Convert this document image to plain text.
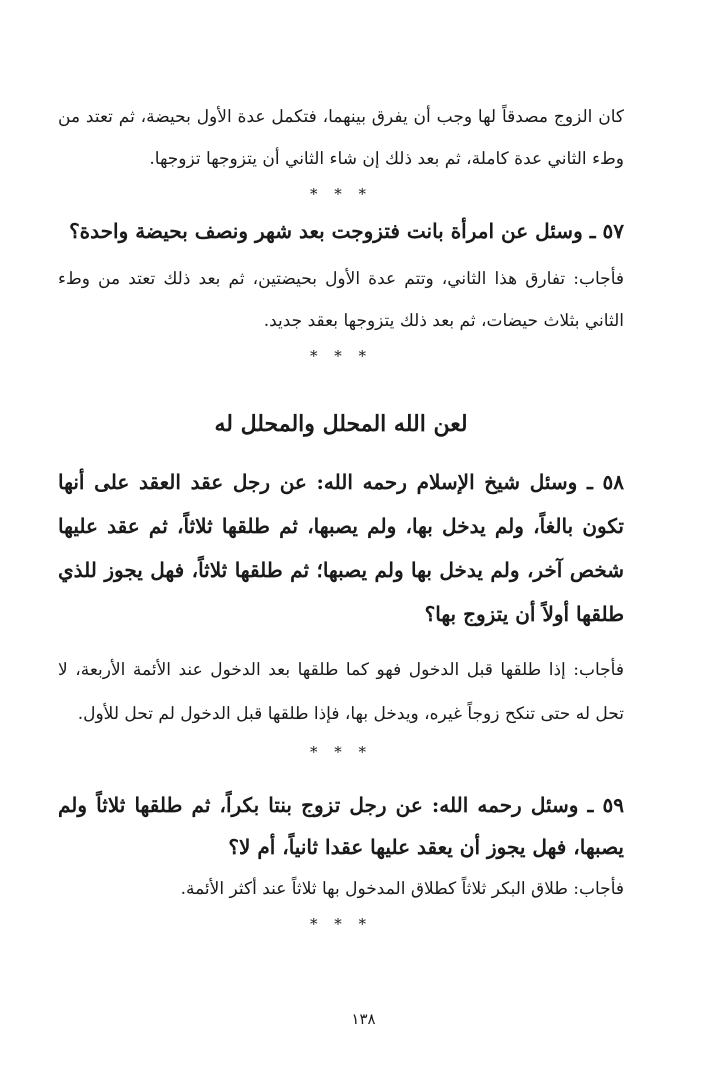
كان الزوج مصدقاً لها وجب أن يفرق بينهما، فتكمل عدة الأول بحيضة، ثم تعتد من وطء الثاني عدة كاملة، ثم بعد ذلك إن شاء الثاني أن يتزوجها تزوجها.

* * *

٥٧ ـ وسئل عن امرأة بانت فتزوجت بعد شهر ونصف بحيضة واحدة؟

فأجاب: تفارق هذا الثاني، وتتم عدة الأول بحيضتين، ثم بعد ذلك تعتد من وطء الثاني بثلاث حيضات، ثم بعد ذلك يتزوجها بعقد جديد.

* * *

لعن الله المحلل والمحلل له

٥٨ ـ وسئل شيخ الإسلام رحمه الله: عن رجل عقد العقد على أنها تكون بالغاً، ولم يدخل بها، ولم يصبها، ثم طلقها ثلاثاً، ثم عقد عليها شخص آخر، ولم يدخل بها ولم يصبها؛ ثم طلقها ثلاثاً، فهل يجوز للذي طلقها أولاً أن يتزوج بها؟

فأجاب: إذا طلقها قبل الدخول فهو كما طلقها بعد الدخول عند الأئمة الأربعة، لا تحل له حتى تنكح زوجاً غيره، ويدخل بها، فإذا طلقها قبل الدخول لم تحل للأول.

* * *

٥٩ ـ وسئل رحمه الله: عن رجل تزوج بنتا بكراً، ثم طلقها ثلاثاً ولم يصبها، فهل يجوز أن يعقد عليها عقدا ثانياً، أم لا؟

فأجاب: طلاق البكر ثلاثاً كطلاق المدخول بها ثلاثاً عند أكثر الأئمة.

* * *

١٣٨
